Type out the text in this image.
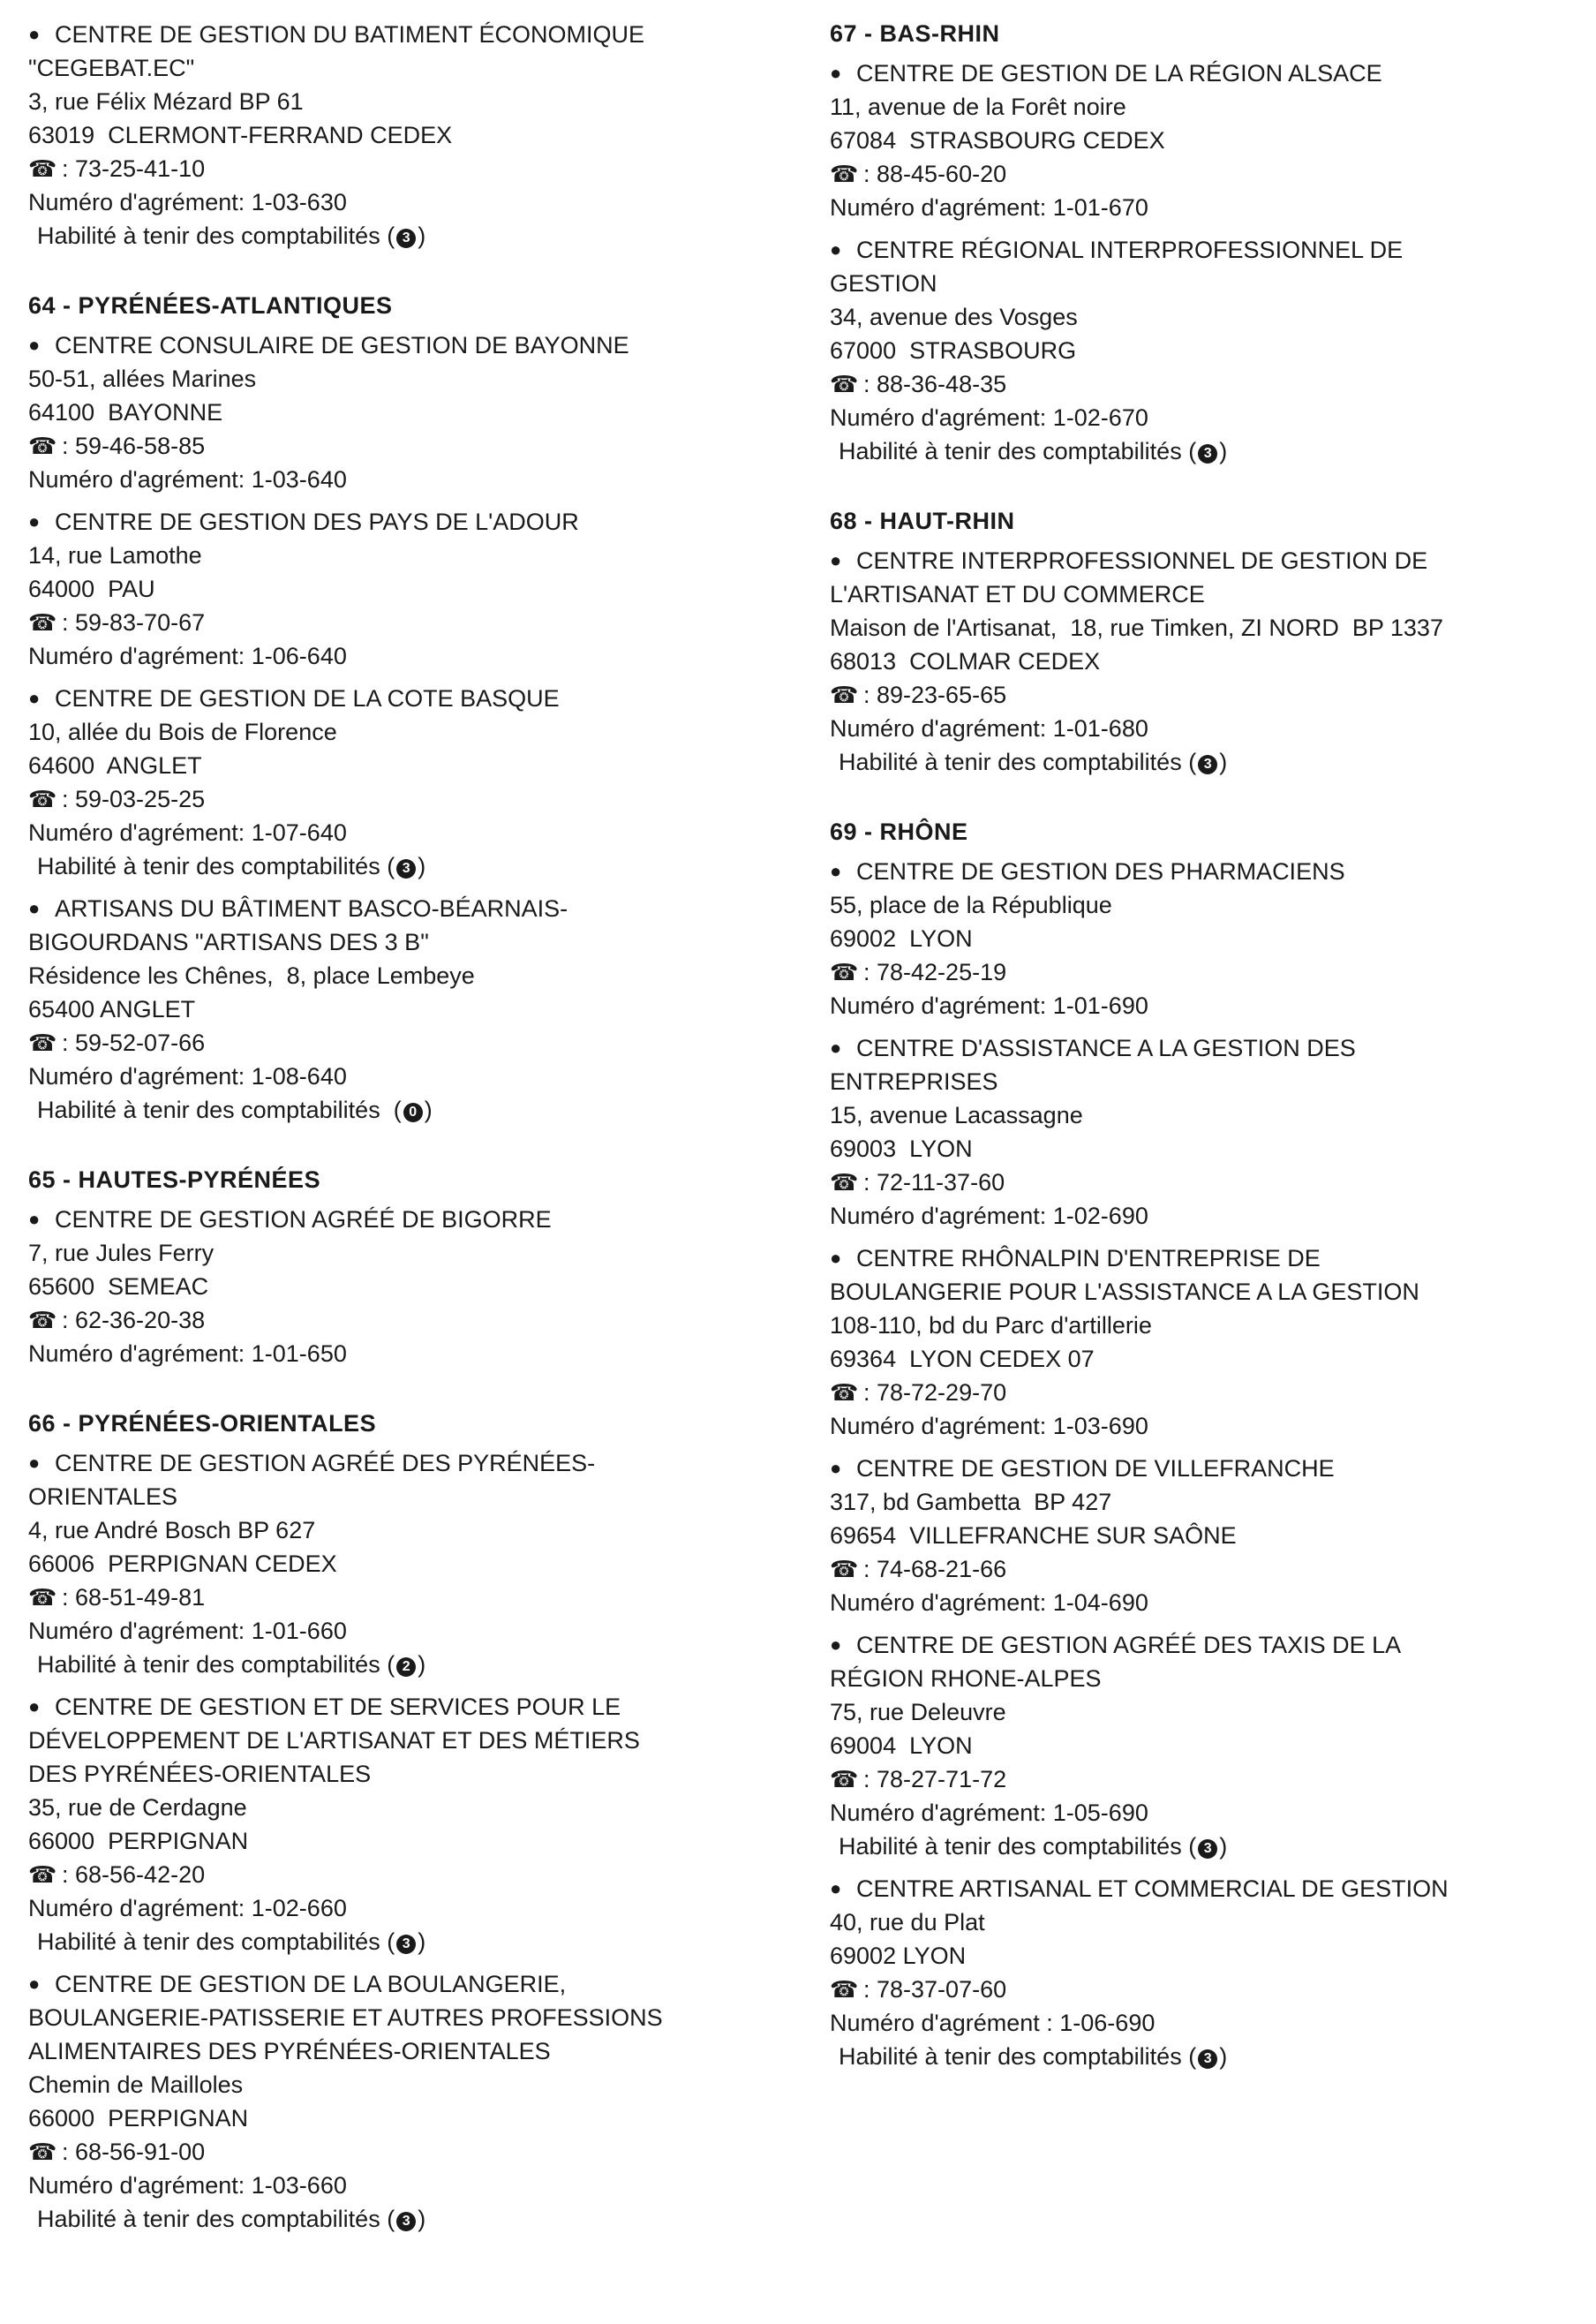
● CENTRE DE GESTION DU BATIMENT ÉCONOMIQUE
"CEGEBAT.EC"
3, rue Félix Mézard BP 61
63019  CLERMONT-FERRAND CEDEX
☎ : 73-25-41-10
Numéro d'agrément: 1-03-630
Habilité à tenir des comptabilités ( 3 )
64 - PYRÉNÉES-ATLANTIQUES
● CENTRE CONSULAIRE DE GESTION DE BAYONNE
50-51, allées Marines
64100  BAYONNE
☎ : 59-46-58-85
Numéro d'agrément: 1-03-640
● CENTRE DE GESTION DES PAYS DE L'ADOUR
14, rue Lamothe
64000  PAU
☎ : 59-83-70-67
Numéro d'agrément: 1-06-640
● CENTRE DE GESTION DE LA COTE BASQUE
10, allée du Bois de Florence
64600  ANGLET
☎ : 59-03-25-25
Numéro d'agrément: 1-07-640
Habilité à tenir des comptabilités ( 3 )
● ARTISANS DU BÂTIMENT BASCO-BÉARNAIS-
BIGOURDANS "ARTISANS DES 3 B"
Résidence les Chênes,  8, place Lembeye
65400 ANGLET
☎ : 59-52-07-66
Numéro d'agrément: 1-08-640
Habilité à tenir des comptabilités  ( 0 )
65 - HAUTES-PYRÉNÉES
● CENTRE DE GESTION AGRÉÉ DE BIGORRE
7, rue Jules Ferry
65600  SEMEAC
☎ : 62-36-20-38
Numéro d'agrément: 1-01-650
66 - PYRÉNÉES-ORIENTALES
● CENTRE DE GESTION AGRÉÉ DES PYRÉNÉES-
ORIENTALES
4, rue André Bosch BP 627
66006  PERPIGNAN CEDEX
☎ : 68-51-49-81
Numéro d'agrément: 1-01-660
Habilité à tenir des comptabilités ( 2 )
● CENTRE DE GESTION ET DE SERVICES POUR LE
DÉVELOPPEMENT DE L'ARTISANAT ET DES MÉTIERS
DES PYRÉNÉES-ORIENTALES
35, rue de Cerdagne
66000  PERPIGNAN
☎ : 68-56-42-20
Numéro d'agrément: 1-02-660
Habilité à tenir des comptabilités ( 3 )
● CENTRE DE GESTION DE LA BOULANGERIE,
BOULANGERIE-PATISSERIE ET AUTRES PROFESSIONS
ALIMENTAIRES DES PYRÉNÉES-ORIENTALES
Chemin de Mailloles
66000  PERPIGNAN
☎ : 68-56-91-00
Numéro d'agrément: 1-03-660
Habilité à tenir des comptabilités ( 3 )
67 - BAS-RHIN
● CENTRE DE GESTION DE LA RÉGION ALSACE
11, avenue de la Forêt noire
67084  STRASBOURG CEDEX
☎ : 88-45-60-20
Numéro d'agrément: 1-01-670
● CENTRE RÉGIONAL INTERPROFESSIONNEL DE
GESTION
34, avenue des Vosges
67000  STRASBOURG
☎ : 88-36-48-35
Numéro d'agrément: 1-02-670
Habilité à tenir des comptabilités ( 3 )
68 - HAUT-RHIN
● CENTRE INTERPROFESSIONNEL DE GESTION DE
L'ARTISANAT ET DU COMMERCE
Maison de l'Artisanat,  18, rue Timken, ZI NORD  BP 1337
68013  COLMAR CEDEX
☎ : 89-23-65-65
Numéro d'agrément: 1-01-680
Habilité à tenir des comptabilités ( 3 )
69 - RHÔNE
● CENTRE DE GESTION DES PHARMACIENS
55, place de la République
69002  LYON
☎ : 78-42-25-19
Numéro d'agrément: 1-01-690
● CENTRE D'ASSISTANCE A LA GESTION DES
ENTREPRISES
15, avenue Lacassagne
69003  LYON
☎ : 72-11-37-60
Numéro d'agrément: 1-02-690
● CENTRE RHÔNALPIN D'ENTREPRISE DE
BOULANGERIE POUR L'ASSISTANCE A LA GESTION
108-110, bd du Parc d'artillerie
69364  LYON CEDEX 07
☎ : 78-72-29-70
Numéro d'agrément: 1-03-690
● CENTRE DE GESTION DE VILLEFRANCHE
317, bd Gambetta  BP 427
69654  VILLEFRANCHE SUR SAÔNE
☎ : 74-68-21-66
Numéro d'agrément: 1-04-690
● CENTRE DE GESTION AGRÉÉ DES TAXIS DE LA
RÉGION RHONE-ALPES
75, rue Deleuvre
69004  LYON
☎ : 78-27-71-72
Numéro d'agrément: 1-05-690
Habilité à tenir des comptabilités ( 3 )
● CENTRE ARTISANAL ET COMMERCIAL DE GESTION
40, rue du Plat
69002 LYON
☎ : 78-37-07-60
Numéro d'agrément : 1-06-690
Habilité à tenir des comptabilités ( 3 )
